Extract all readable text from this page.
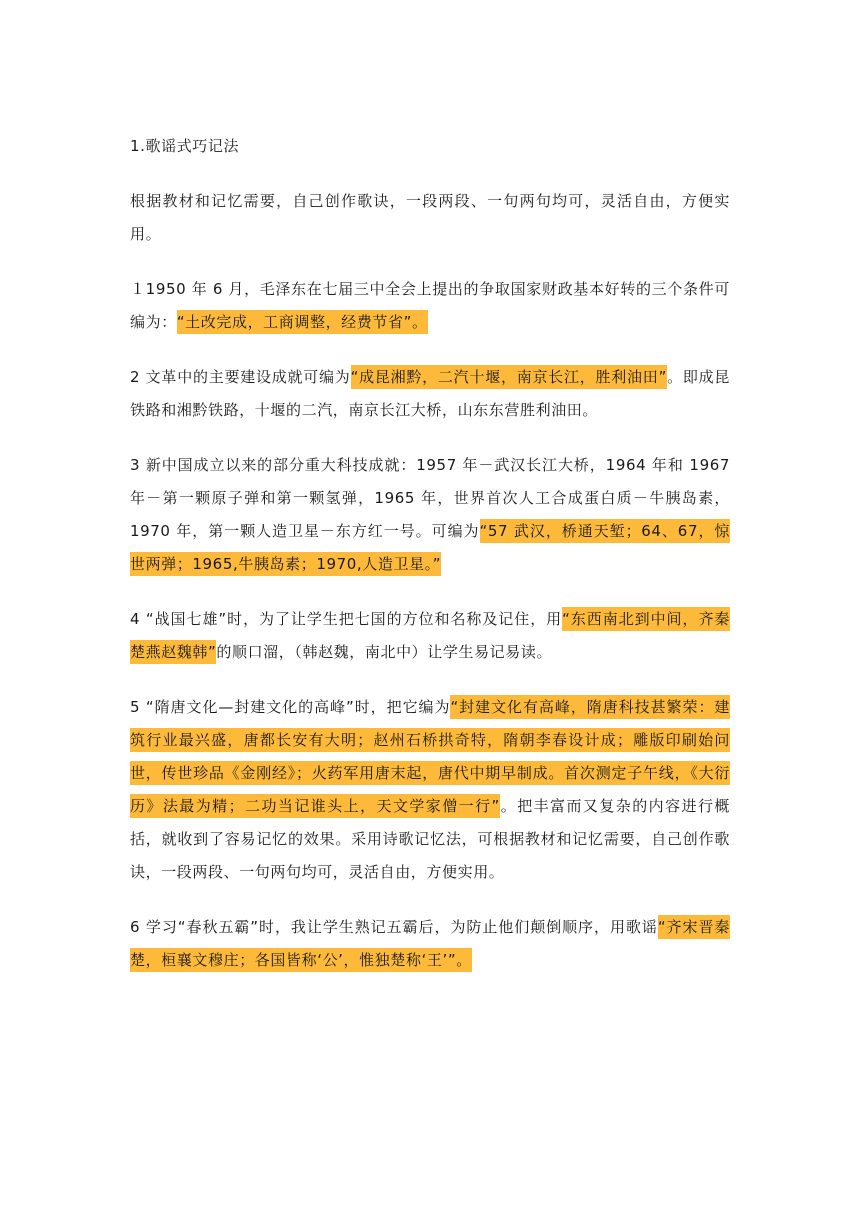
1.歌谣式巧记法

根据教材和记忆需要，自己创作歌诀，一段两段、一句两句均可，灵活自由，方便实用。

１1950 年 6 月，毛泽东在七届三中全会上提出的争取国家财政基本好转的三个条件可编为：“土改完成，工商调整，经费节省”。

2 文革中的主要建设成就可编为“成昆湘黔，二汽十堰，南京长江，胜利油田”。即成昆铁路和湘黔铁路，十堰的二汽，南京长江大桥，山东东营胜利油田。

3 新中国成立以来的部分重大科技成就：1957 年－武汉长江大桥，1964 年和 1967 年－第一颗原子弹和第一颗氢弹，1965 年，世界首次人工合成蛋白质－牛胰岛素，1970 年，第一颗人造卫星－东方红一号。可编为“57 武汉，桥通天堑；64、67，惊世两弹；1965,牛胰岛素；1970,人造卫星。”

4 “战国七雄”时，为了让学生把七国的方位和名称及记住，用“东西南北到中间，齐秦楚燕赵魏韩”的顺口溜，（韩赵魏，南北中）让学生易记易读。

5 “隋唐文化—封建文化的高峰”时，把它编为“封建文化有高峰，隋唐科技甚繁荣：建筑行业最兴盛，唐都长安有大明；赵州石桥拱奇特，隋朝李春设计成；雕版印刷始问世，传世珍品《金刚经》；火药军用唐末起，唐代中期早制成。首次测定子午线，《大衍历》法最为精；二功当记谁头上，天文学家僧一行”。把丰富而又复杂的内容进行概括，就收到了容易记忆的效果。采用诗歌记忆法，可根据教材和记忆需要，自己创作歌诀，一段两段、一句两句均可，灵活自由，方便实用。

6 学习“春秋五霸”时，我让学生熟记五霸后，为防止他们颠倒顺序，用歌谣“齐宋晋秦楚，桓襄文穆庄；各国皆称‘公’，惟独楚称‘王’”。
